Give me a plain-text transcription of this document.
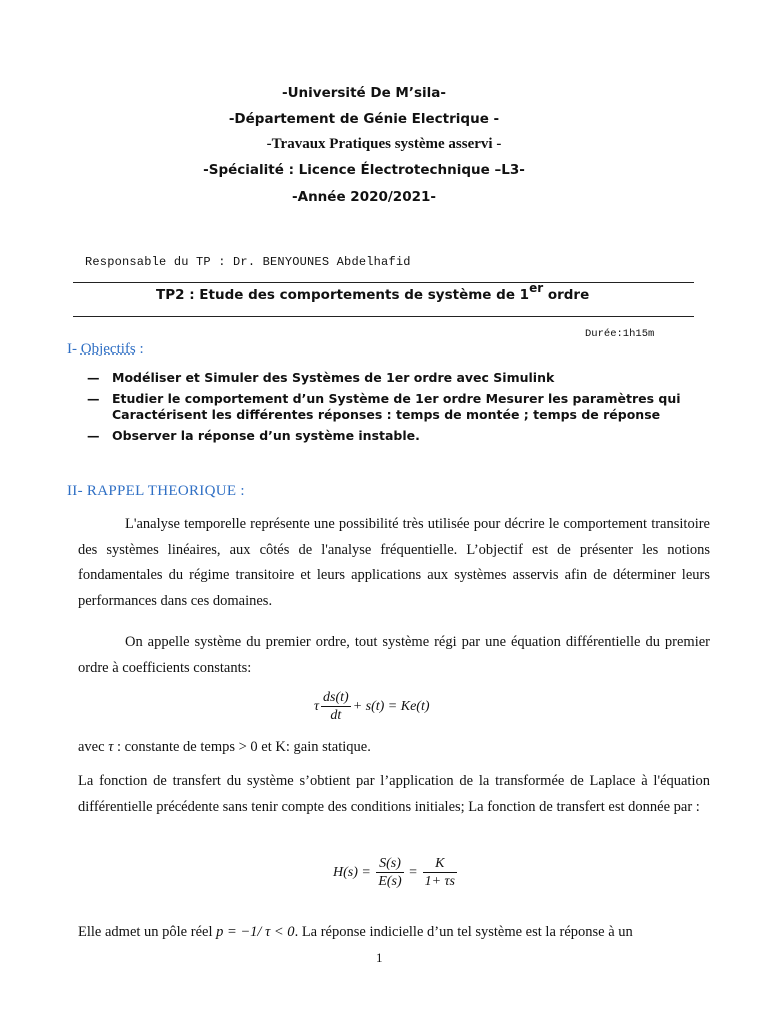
-Université De M’sila-
-Département de Génie Electrique -
-Travaux Pratiques système asservi -
-Spécialité : Licence Électrotechnique –L3-
-Année 2020/2021-
Responsable du TP : Dr. BENYOUNES Abdelhafid
TP2 : Etude des comportements de système de 1er ordre
Durée:1h15m
I- Objectifs :
— Modéliser et Simuler des Systèmes de 1er ordre avec Simulink
— Etudier le comportement d’un Système de 1er ordre Mesurer les paramètres qui Caractérisent les différentes réponses : temps de montée ; temps de réponse
— Observer la réponse d’un système instable.
II- RAPPEL THEORIQUE :
L'analyse temporelle représente une possibilité très utilisée pour décrire le comportement transitoire des systèmes linéaires, aux côtés de l'analyse fréquentielle. L’objectif est de présenter les notions fondamentales du régime transitoire et leurs applications aux systèmes asservis afin de déterminer leurs performances dans ces domaines.
On appelle système du premier ordre, tout système régi par une équation différentielle du premier ordre à coefficients constants:
τ $\frac{ds(t)}{dt} + s(t) = Ke(t)$
avec τ : constante de temps > 0 et K: gain statique.
La fonction de transfert du système s’obtient par l’application de la transformée de Laplace à l'équation différentielle précédente sans tenir compte des conditions initiales; La fonction de transfert est donnée par :
$H(s) = \frac{S(s)}{E(s)} = \frac{K}{1+ \tau s}$
Elle admet un pôle réel p = −1/ τ < 0. La réponse indicielle d’un tel système est la réponse à un
1
